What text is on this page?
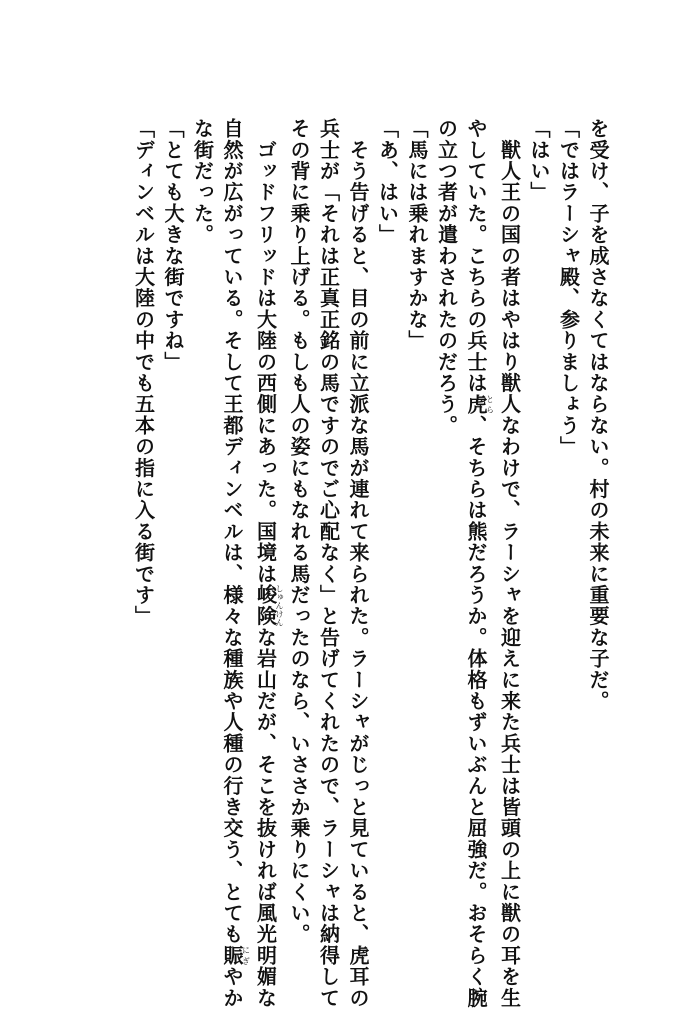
を受け、子を成さなくてはならない。村の未来に重要な子だ。
「ではラーシャ殿、参りましょう」
「はい」
　獣人王の国の者はやはり獣人なわけで、ラーシャを迎えに来た兵士は皆頭の上に獣の耳を生
やしていた。こちらの兵士は虎とら、そちらは熊だろうか。体格もずいぶんと屈強だ。おそらく腕
の立つ者が遣わされたのだろう。
「馬には乗れますかな」
「あ、はい」
　そう告げると、目の前に立派な馬が連れて来られた。ラーシャがじっと見ていると、虎耳の
兵士が「それは正真正銘の馬ですのでご心配なく」と告げてくれたので、ラーシャは納得して
その背に乗り上げる。もしも人の姿にもなれる馬だったのなら、いささか乗りにくい。
　ゴッドフリッドは大陸の西側にあった。国境は峻険しゅんけんな岩山だが、そこを抜ければ風光明媚な
自然が広がっている。そして王都ディンベルは、様々な種族や人種の行き交う、とても賑にぎやか
な街だった。
「とても大きな街ですね」
「ディンベルは大陸の中でも五本の指に入る街です」
